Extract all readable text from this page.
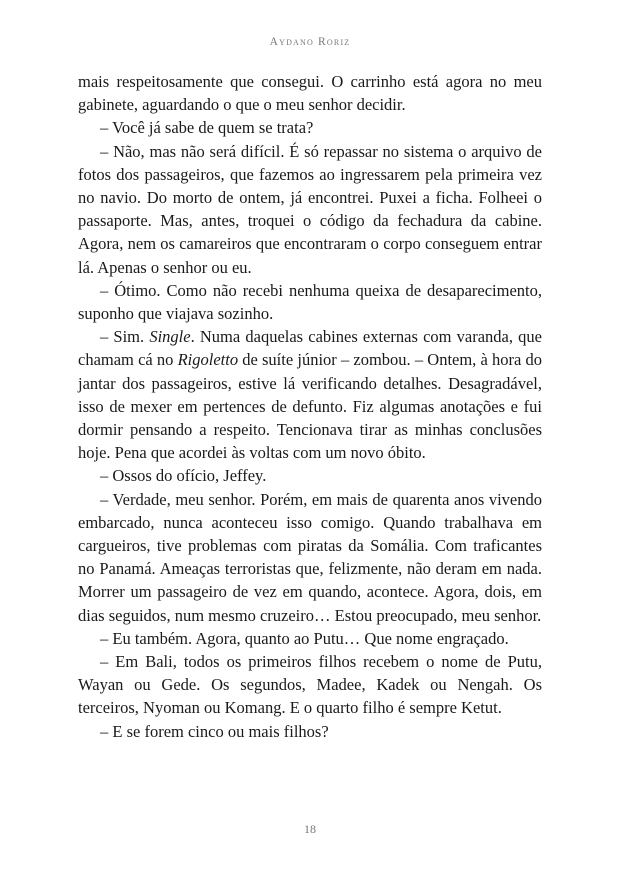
Aydano Roriz

mais respeitosamente que consegui. O carrinho está agora no meu gabinete, aguardando o que o meu senhor decidir.

– Você já sabe de quem se trata?

– Não, mas não será difícil. É só repassar no sistema o arquivo de fotos dos passageiros, que fazemos ao ingressarem pela primeira vez no navio. Do morto de ontem, já encontrei. Puxei a ficha. Folheei o passaporte. Mas, antes, troquei o código da fechadura da cabine. Agora, nem os camareiros que encontraram o corpo conseguem entrar lá. Apenas o senhor ou eu.

– Ótimo. Como não recebi nenhuma queixa de desaparecimento, suponho que viajava sozinho.

– Sim. Single. Numa daquelas cabines externas com varanda, que chamam cá no Rigoletto de suíte júnior – zombou. – Ontem, à hora do jantar dos passageiros, estive lá verificando detalhes. Desagradável, isso de mexer em pertences de defunto. Fiz algumas anotações e fui dormir pensando a respeito. Tencionava tirar as minhas conclusões hoje. Pena que acordei às voltas com um novo óbito.

– Ossos do ofício, Jeffey.

– Verdade, meu senhor. Porém, em mais de quarenta anos vivendo embarcado, nunca aconteceu isso comigo. Quando trabalhava em cargueiros, tive problemas com piratas da Somália. Com traficantes no Panamá. Ameaças terroristas que, felizmente, não deram em nada. Morrer um passageiro de vez em quando, acontece. Agora, dois, em dias seguidos, num mesmo cruzeiro… Estou preocupado, meu senhor.

– Eu também. Agora, quanto ao Putu… Que nome engraçado.

– Em Bali, todos os primeiros filhos recebem o nome de Putu, Wayan ou Gede. Os segundos, Madee, Kadek ou Nengah. Os terceiros, Nyoman ou Komang. E o quarto filho é sempre Ketut.

– E se forem cinco ou mais filhos?

18
